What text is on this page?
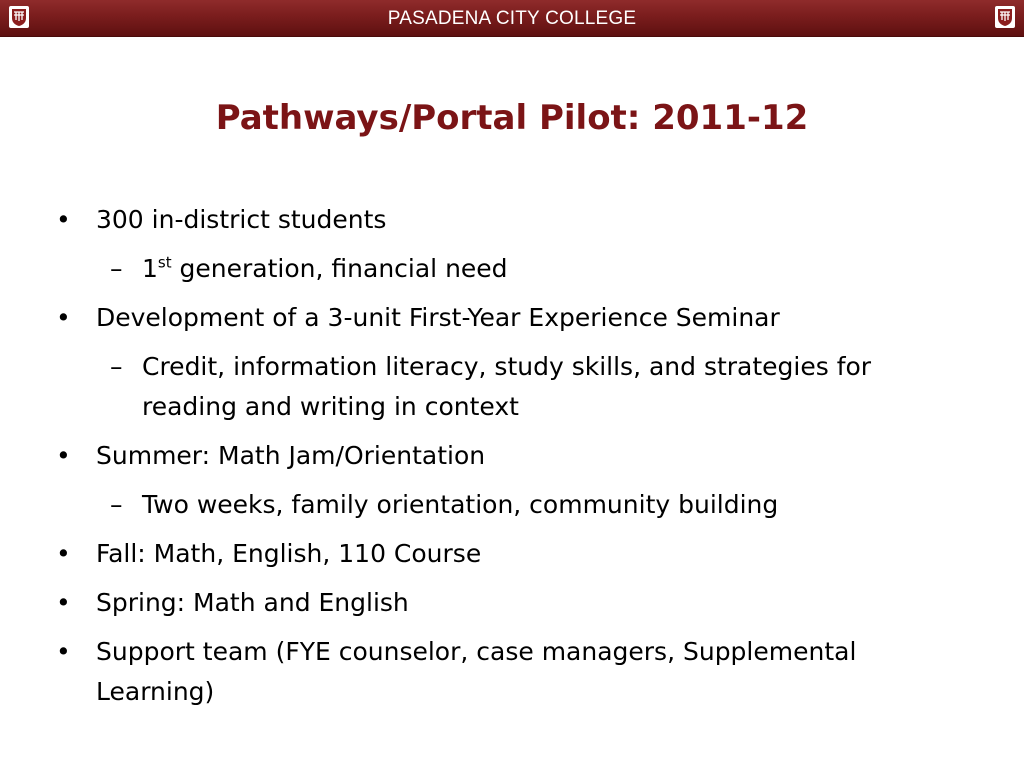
PASADENA CITY COLLEGE
Pathways/Portal Pilot: 2011-12
• 300 in-district students
– 1st generation, financial need
• Development of a 3-unit First-Year Experience Seminar
– Credit, information literacy, study skills, and strategies for reading and writing in context
• Summer: Math Jam/Orientation
– Two weeks, family orientation, community building
• Fall: Math, English, 110 Course
• Spring: Math and English
• Support team (FYE counselor, case managers, Supplemental Learning)
